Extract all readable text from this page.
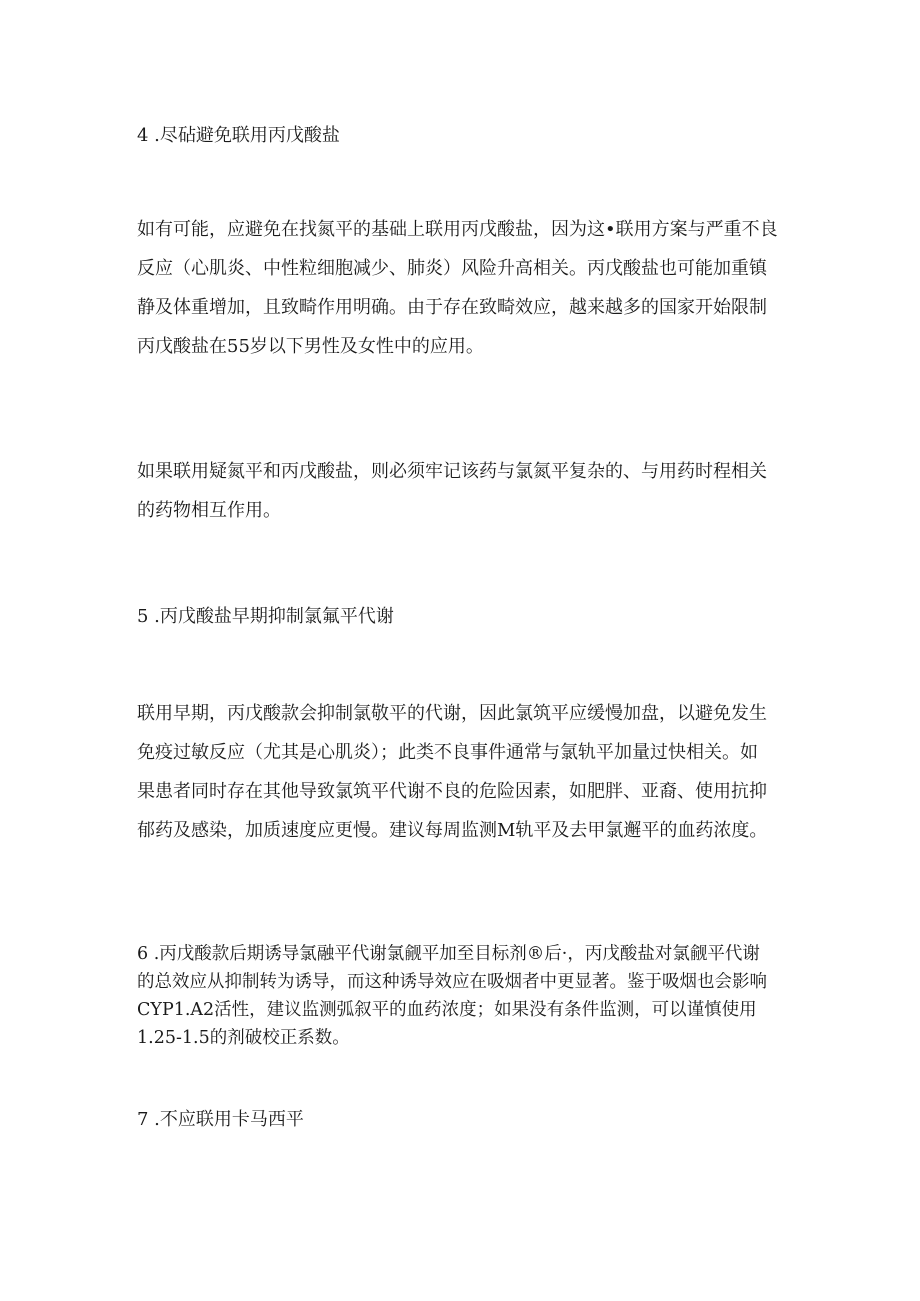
4 .尽砧避免联用丙戊酸盐
如有可能，应避免在找氮平的基础上联用丙戊酸盐，因为这•联用方案与严重不良
反应（心肌炎、中性粒细胞减少、肺炎）风险升高相关。丙戊酸盐也可能加重镇
静及体重增加，且致畸作用明确。由于存在致畸效应，越来越多的国家开始限制
丙戊酸盐在55岁以下男性及女性中的应用。
如果联用疑氮平和丙戊酸盐，则必须牢记该药与氯氮平复杂的、与用药时程相关
的药物相互作用。
5 .丙戊酸盐早期抑制氯氟平代谢
联用早期，丙戊酸款会抑制氯敬平的代谢，因此氯筑平应缓慢加盘，以避免发生
免疫过敏反应（尤其是心肌炎）；此类不良事件通常与氯轨平加量过快相关。如
果患者同时存在其他导致氯筑平代谢不良的危险因素，如肥胖、亚裔、使用抗抑
郁药及感染，加质速度应更慢。建议每周监测M轨平及去甲氯邂平的血药浓度。
6 .丙戊酸款后期诱导氯融平代谢氯觎平加至目标剂®后·，丙戊酸盐对氯觎平代谢
的总效应从抑制转为诱导，而这种诱导效应在吸烟者中更显著。鉴于吸烟也会影响
CYP1.A2活性，建议监测弧叙平的血药浓度；如果没有条件监测，可以谨慎使用
1.25-1.5的剂破校正系数。
7 .不应联用卡马西平
